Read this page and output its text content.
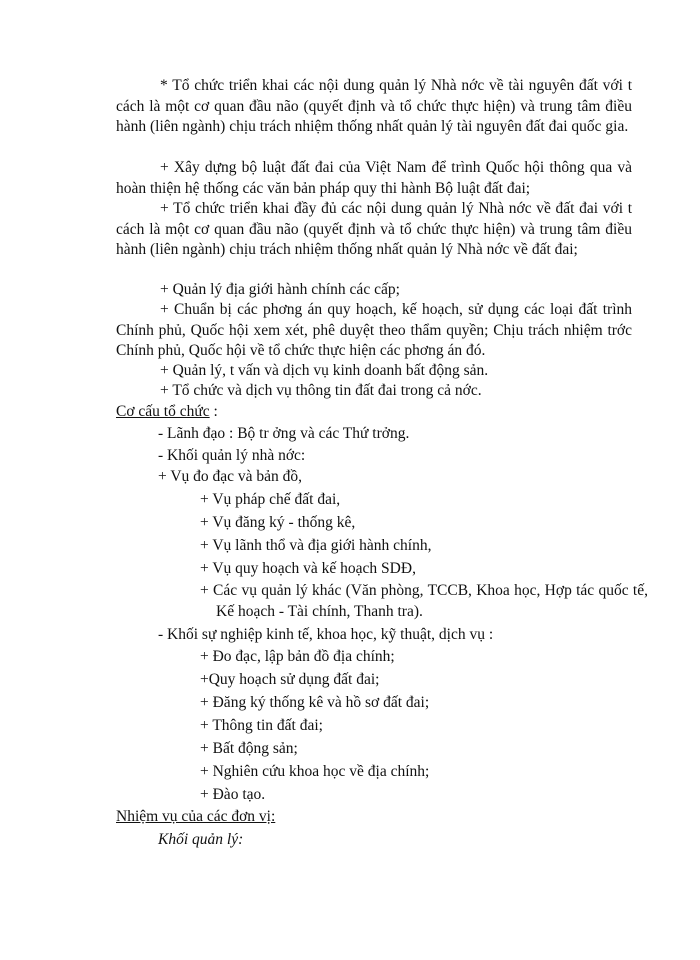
* Tổ chức triển khai các nội dung quản lý Nhà nớc về tài nguyên đất với t cách là một cơ quan đầu não (quyết định và tổ chức thực hiện) và trung tâm điều hành (liên ngành) chịu trách nhiệm thống nhất quản lý tài nguyên đất đai quốc gia.

+ Xây dựng bộ luật đất đai của Việt Nam để trình Quốc hội thông qua và hoàn thiện hệ thống các văn bản pháp quy thi hành Bộ luật đất đai;

+ Tổ chức triển khai đầy đủ các nội dung quản lý Nhà nớc về đất đai với t cách là một cơ quan đầu não (quyết định và tổ chức thực hiện) và trung tâm điều hành (liên ngành) chịu trách nhiệm thống nhất quản lý Nhà nớc về đất đai;

+ Quản lý địa giới hành chính các cấp;

+ Chuẩn bị các phơng án quy hoạch, kế hoạch, sử dụng các loại đất trình Chính phủ, Quốc hội xem xét, phê duyệt theo thẩm quyền; Chịu trách nhiệm trớc Chính phủ, Quốc hội về tổ chức thực hiện các phơng án đó.

+ Quản lý, t vấn và dịch vụ kinh doanh bất động sản.

+ Tổ chức và dịch vụ thông tin đất đai trong cả nớc.

Cơ cấu tổ chức :

- Lãnh đạo : Bộ tr ởng và các Thứ trởng.

- Khối quản lý nhà nớc:

+ Vụ đo đạc và bản đồ,

+ Vụ pháp chế đất đai,

+ Vụ đăng ký - thống kê,

+ Vụ lãnh thổ và địa giới hành chính,

+ Vụ quy hoạch và kế hoạch SDĐ,

+ Các vụ quản lý khác (Văn phòng, TCCB, Khoa học, Hợp tác quốc tế, Kế hoạch - Tài chính, Thanh tra).

- Khối sự nghiệp kinh tế, khoa học, kỹ thuật, dịch vụ :

+ Đo đạc, lập bản đồ địa chính;

+Quy hoạch sử dụng đất đai;

+ Đăng ký thống kê và hồ sơ đất đai;

+ Thông tin đất đai;

+ Bất động sản;

+ Nghiên cứu khoa học về địa chính;

+ Đào tạo.

Nhiệm vụ của các đơn vị:

Khối quản lý:
